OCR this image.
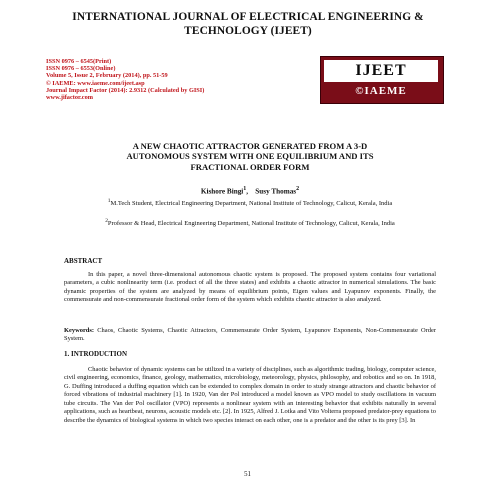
INTERNATIONAL JOURNAL OF ELECTRICAL ENGINEERING &
TECHNOLOGY (IJEET)
ISSN 0976 – 6545(Print)
ISSN 0976 – 6553(Online)
Volume 5, Issue 2, February (2014), pp. 51-59
© IAEME: www.iaeme.com/ijeet.asp
Journal Impact Factor (2014): 2.9312 (Calculated by GISI)
www.jifactor.com
IJEET
©IAEME
A NEW CHAOTIC ATTRACTOR GENERATED FROM A 3-D
AUTONOMOUS SYSTEM WITH ONE EQUILIBRIUM AND ITS
FRACTIONAL ORDER FORM
Kishore Bingi$^1$, Susy Thomas$^2$
$^1$M.Tech Student, Electrical Engineering Department, National Institute of Technology, Calicut, Kerala, India
$^2$Professor & Head, Electrical Engineering Department, National Institute of Technology, Calicut, Kerala, India
ABSTRACT
In this paper, a novel three-dimensional autonomous chaotic system is proposed. The proposed system contains four variational parameters, a cubic nonlinearity term (i.e. product of all the three states) and exhibits a chaotic attractor in numerical simulations. The basic dynamic properties of the system are analyzed by means of equilibrium points, Eigen values and Lyapunov exponents. Finally, the commensurate and non-commensurate fractional order form of the system which exhibits chaotic attractor is also analyzed.
Keywords: Chaos, Chaotic Systems, Chaotic Attractors, Commensurate Order System, Lyapunov Exponents, Non-Commensurate Order System.
1. INTRODUCTION
Chaotic behavior of dynamic systems can be utilized in a variety of disciplines, such as algorithmic trading, biology, computer science, civil engineering, economics, finance, geology, mathematics, microbiology, meteorology, physics, philosophy, and robotics and so on. In 1918, G. Duffing introduced a duffing equation which can be extended to complex domain in order to study strange attractors and chaotic behavior of forced vibrations of industrial machinery [1]. In 1920, Van der Pol introduced a model known as VPO model to study oscillations in vacuum tube circuits. The Van der Pol oscillator (VPO) represents a nonlinear system with an interesting behavior that exhibits naturally in several applications, such as heartbeat, neurons, acoustic models etc. [2]. In 1925, Alfred J. Lotka and Vito Volterra proposed predator-prey equations to describe the dynamics of biological systems in which two species interact on each other, one is a predator and the other is its prey [3]. In
51
